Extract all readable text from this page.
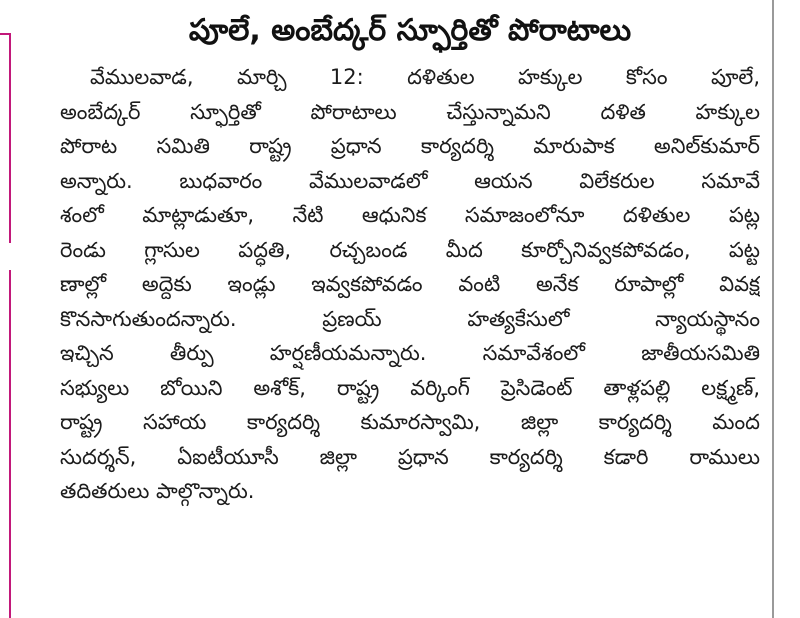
పూలే, అంబేద్కర్ స్ఫూర్తితో పోరాటాలు
వేములవాడ, మార్చి 12: దళితుల హక్కుల కోసం పూలే,
అంబేద్కర్ స్ఫూర్తితో పోరాటాలు చేస్తున్నామని దళిత హక్కుల
పోరాట సమితి రాష్ట్ర ప్రధాన కార్యదర్శి మారుపాక అనిల్‌కుమార్
అన్నారు. బుధవారం వేములవాడలో ఆయన విలేకరుల సమావే
శంలో మాట్లాడుతూ, నేటి ఆధునిక సమాజంలోనూ దళితుల పట్ల
రెండు గ్లాసుల పద్ధతి, రచ్చబండ మీద కూర్చోనివ్వకపోవడం, పట్ట
ణాల్లో అద్దెకు ఇండ్లు ఇవ్వకపోవడం వంటి అనేక రూపాల్లో వివక్ష
కొనసాగుతుందన్నారు. ప్రణయ్ హత్యకేసులో న్యాయస్థానం
ఇచ్చిన తీర్పు హర్షణీయమన్నారు. సమావేశంలో జాతీయసమితి
సభ్యులు బోయిని అశోక్, రాష్ట్ర వర్కింగ్ ప్రెసిడెంట్ తాళ్లపల్లి లక్ష్మణ్,
రాష్ట్ర సహాయ కార్యదర్శి కుమారస్వామి, జిల్లా కార్యదర్శి మంద
సుదర్శన్, ఏఐటీయూసీ జిల్లా ప్రధాన కార్యదర్శి కడారి రాములు
తదితరులు పాల్గొన్నారు.
